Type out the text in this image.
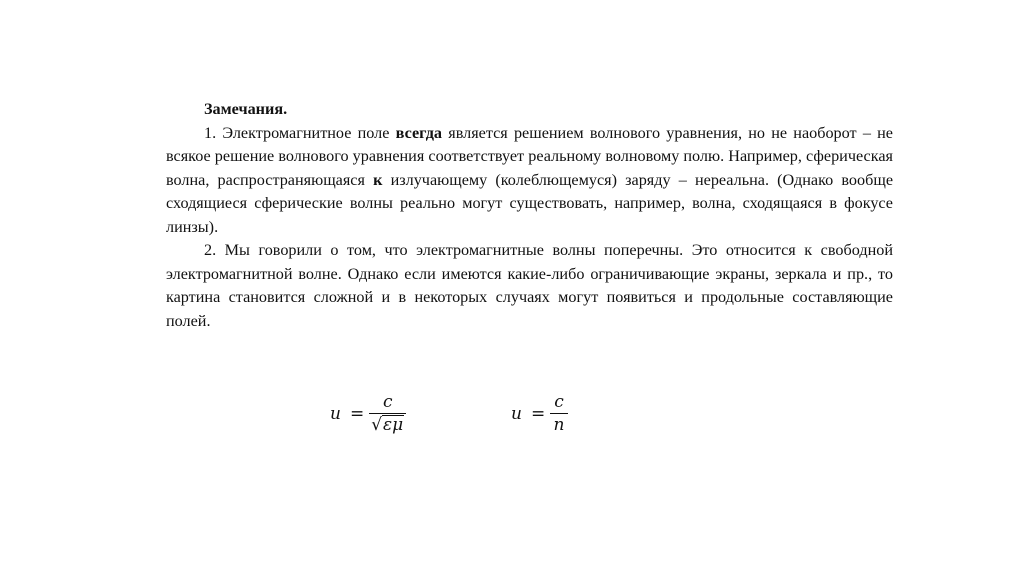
Замечания.

1. Электромагнитное поле всегда является решением волнового уравнения, но не наоборот – не всякое решение волнового уравнения соответствует реальному волновому полю. Например, сферическая волна, распространяющаяся к излучающему (колеблющемуся) заряду – нереальна. (Однако вообще сходящиеся сферические волны реально могут существовать, например, волна, сходящаяся в фокусе линзы).

2. Мы говорили о том, что электромагнитные волны поперечны. Это относится к свободной электромагнитной волне. Однако если имеются какие-либо ограничивающие экраны, зеркала и пр., то картина становится сложной и в некоторых случаях могут появиться и продольные составляющие полей.

$u = \frac{c}{√ \varepsilon\mu}$	$u = \frac{c}{n}$
